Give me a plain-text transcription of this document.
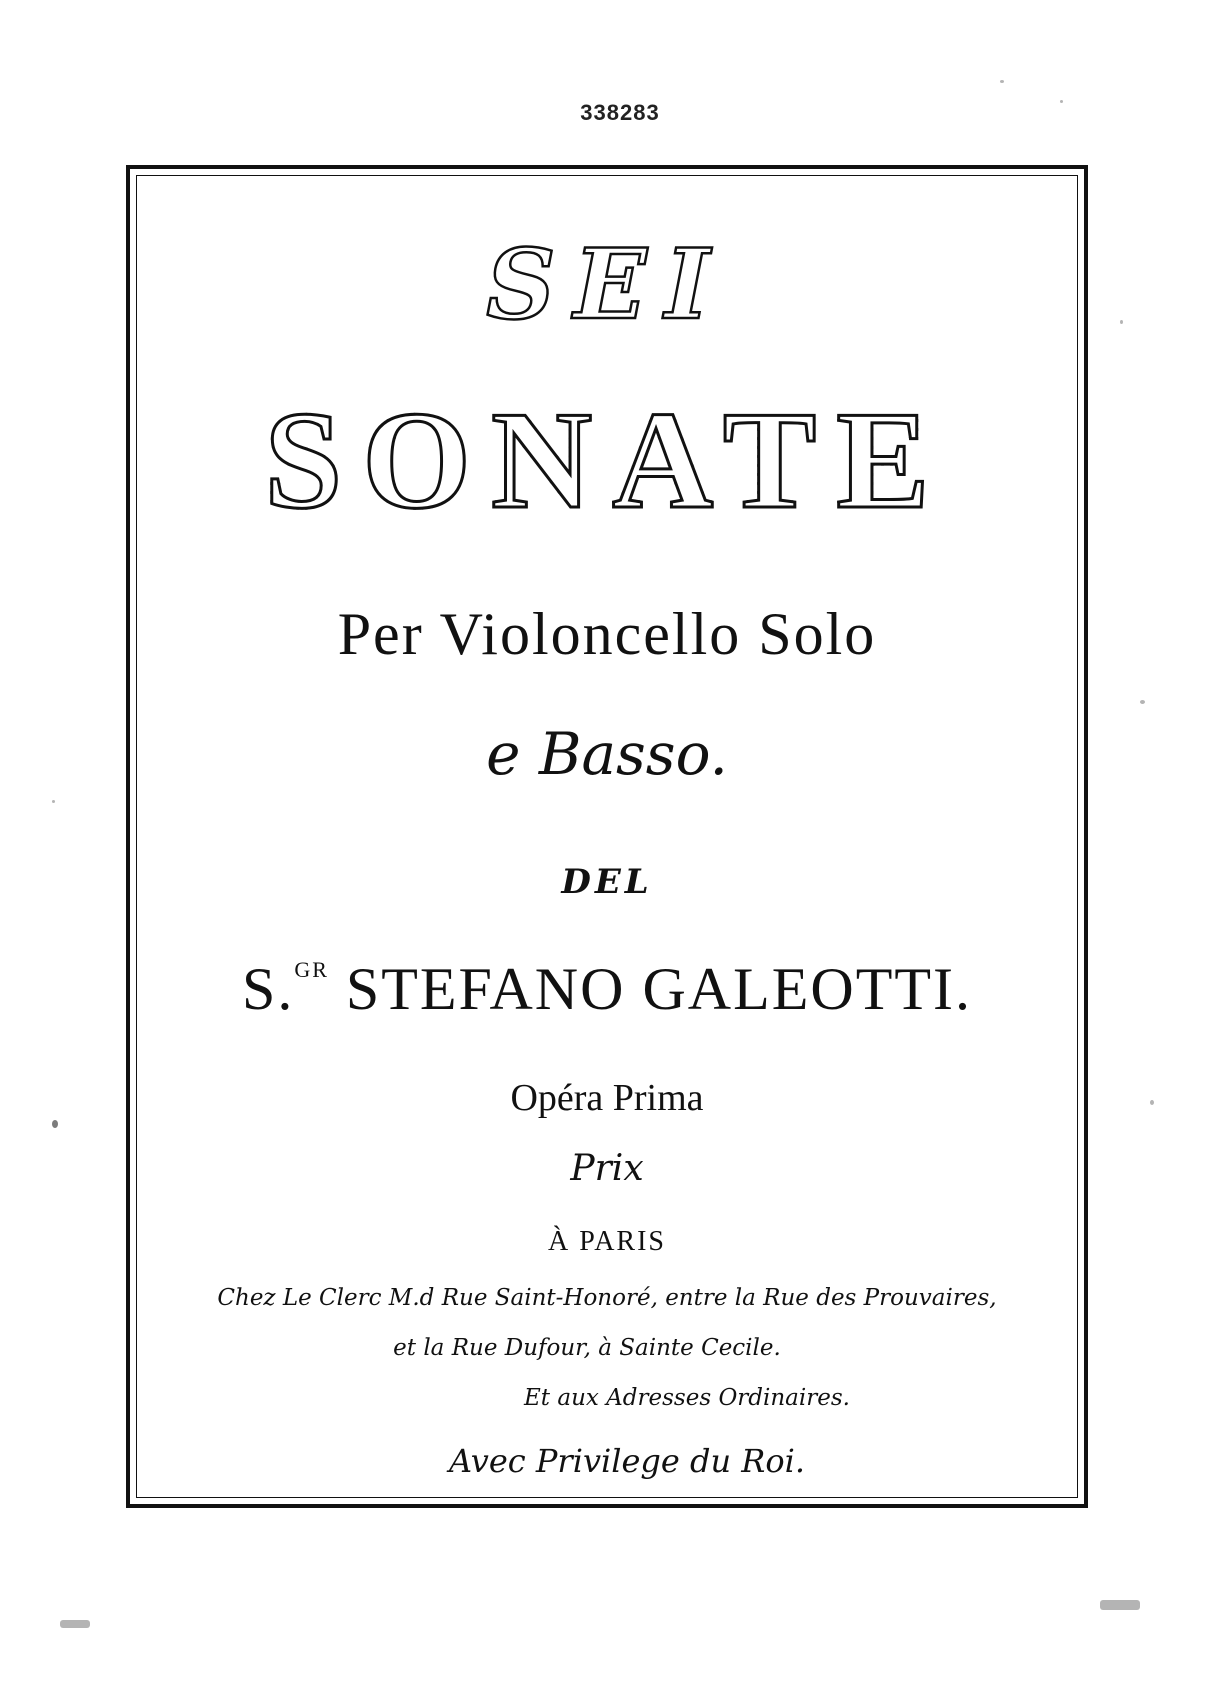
338283
SEI
SONATE
Per Violoncello Solo
e Basso.
DEL
S.$^{GR}$ STEFANO GALEOTTI.
Opéra Prima
Prix
À PARIS
Chez Le Clerc M.d Rue Saint-Honoré, entre la Rue des Prouvaires,
et la Rue Dufour, à Sainte Cecile.
Et aux Adresses Ordinaires.
Avec Privilege du Roi.
